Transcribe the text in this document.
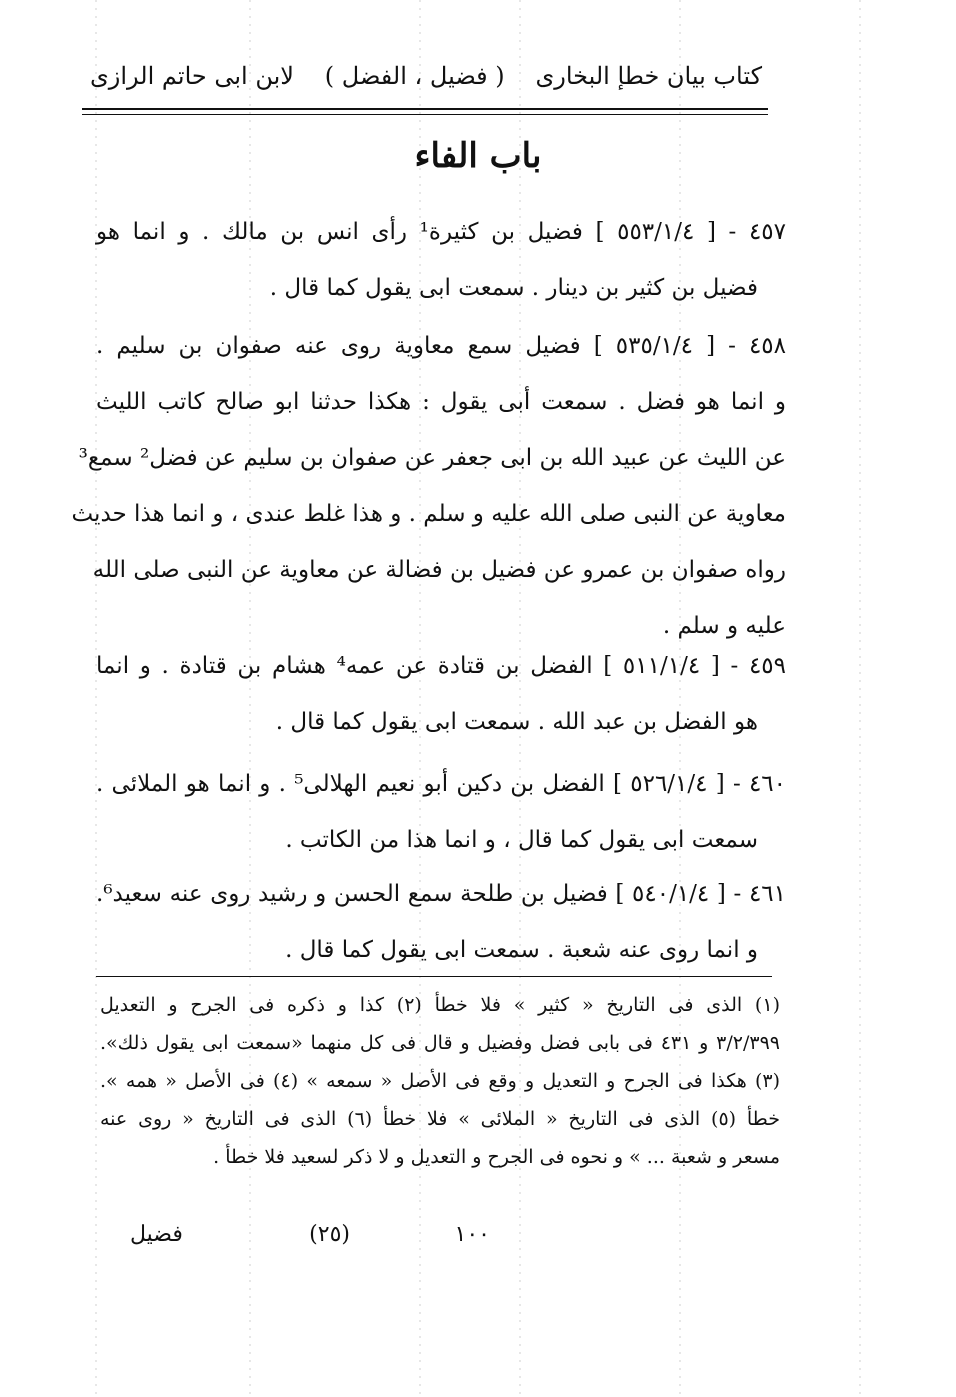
كتاب بيان خطإ البخارى
( فضيل ، الفضل )
لابن ابى حاتم الرازى
باب الفاء
٤٥٧ - [ ٥٥٣/١/٤ ] فضيل بن كثيرة¹ رأى انس بن مالك . و انما هو
فضيل بن كثير بن دينار . سمعت ابى يقول كما قال .
٤٥٨ - [ ٥٣٥/١/٤ ] فضيل سمع معاوية روى عنه صفوان بن سليم .
و انما هو فضل . سمعت أبى يقول : هكذا حدثنا ابو صالح كاتب الليث
عن الليث عن عبيد الله بن ابى جعفر عن صفوان بن سليم عن فضل² سمع³
معاوية عن النبى صلى الله عليه و سلم . و هذا غلط عندى ، و انما هذا حديث
رواه صفوان بن عمرو عن فضيل بن فضالة عن معاوية عن النبى صلى الله
عليه و سلم .
٤٥٩ - [ ٥١١/١/٤ ] الفضل بن قتادة عن عمه⁴ هشام بن قتادة . و انما
هو الفضل بن عبد الله . سمعت ابى يقول كما قال .
٤٦٠ - [ ٥٢٦/١/٤ ] الفضل بن دكين أبو نعيم الهلالى⁵ . و انما هو الملائى .
سمعت ابى يقول كما قال ، و انما هذا من الكاتب .
٤٦١ - [ ٥٤٠/١/٤ ] فضيل بن طلحة سمع الحسن و رشيد روى عنه سعيد⁶.
و انما روى عنه شعبة . سمعت ابى يقول كما قال .
(١) الذى فى التاريخ « كثير » فلا خطأ (٢) كذا و ذكره فى الجرح و التعديل
٣/٢/٣٩٩ و ٤٣١ فى بابى فضل وفضيل و قال فى كل منهما «سمعت ابى يقول ذلك».
(٣) هكذا فى الجرح و التعديل و وقع فى الأصل « سمعه » (٤) فى الأصل « همه ».
خطأ (٥) الذى فى التاريخ « الملائى » فلا خطأ (٦) الذى فى التاريخ « روى عنه
مسعر و شعبة ... » و نحوه فى الجرح و التعديل و لا ذكر لسعيد فلا خطأ .
١٠٠
(٢٥)
فضيل
